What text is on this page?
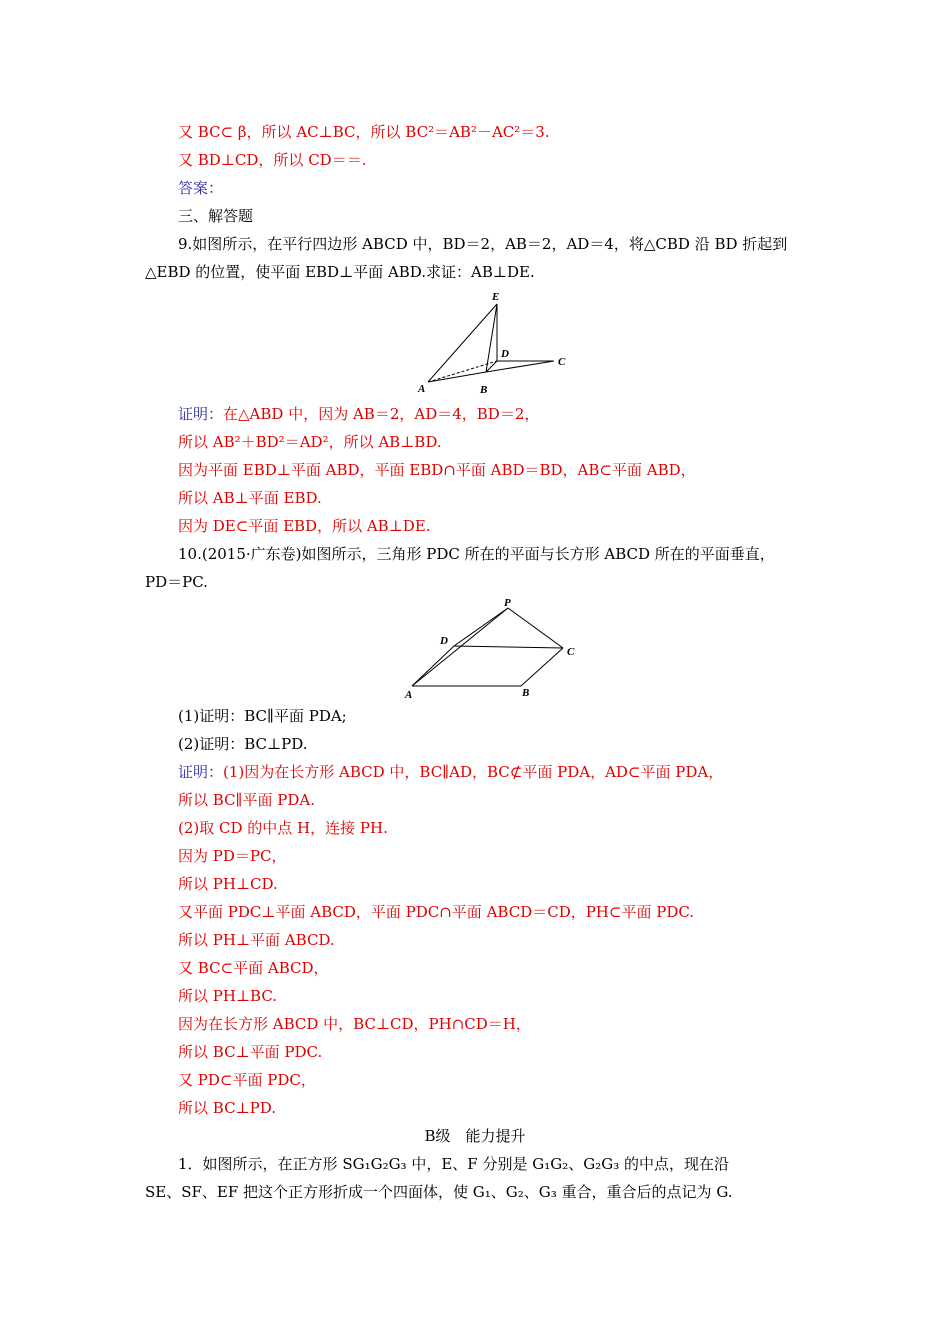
又 BC⊂ β，所以 AC⊥BC，所以 BC²＝AB²－AC²＝3.
又 BD⊥CD，所以 CD＝＝.
答案：
三、解答题
9.如图所示，在平行四边形 ABCD 中，BD＝2，AB＝2，AD＝4，将△CBD 沿 BD 折起到
△EBD 的位置，使平面 EBD⊥平面 ABD.求证：AB⊥DE.
E
D
C
A	B
证明：在△ABD 中，因为 AB＝2，AD＝4，BD＝2，
所以 AB²＋BD²＝AD²，所以 AB⊥BD.
因为平面 EBD⊥平面 ABD，平面 EBD∩平面 ABD＝BD，AB⊂平面 ABD，
所以 AB⊥平面 EBD.
因为 DE⊂平面 EBD，所以 AB⊥DE.
10.(2015·广东卷)如图所示，三角形 PDC 所在的平面与长方形 ABCD 所在的平面垂直，
PD＝PC.
P
D
C
A	B
(1)证明：BC∥平面 PDA;
(2)证明：BC⊥PD.
证明：(1)因为在长方形 ABCD 中，BC∥AD，BC⊄平面 PDA，AD⊂平面 PDA，
所以 BC∥平面 PDA.
(2)取 CD 的中点 H，连接 PH.
因为 PD＝PC，
所以 PH⊥CD.
又平面 PDC⊥平面 ABCD，平面 PDC∩平面 ABCD＝CD，PH⊂平面 PDC.
所以 PH⊥平面 ABCD.
又 BC⊂平面 ABCD，
所以 PH⊥BC.
因为在长方形 ABCD 中，BC⊥CD，PH∩CD＝H，
所以 BC⊥平面 PDC.
又 PD⊂平面 PDC，
所以 BC⊥PD.
B级　能力提升
1．如图所示，在正方形 SG₁G₂G₃ 中，E、F 分别是 G₁G₂、G₂G₃ 的中点，现在沿
SE、SF、EF 把这个正方形折成一个四面体，使 G₁、G₂、G₃ 重合，重合后的点记为 G.
